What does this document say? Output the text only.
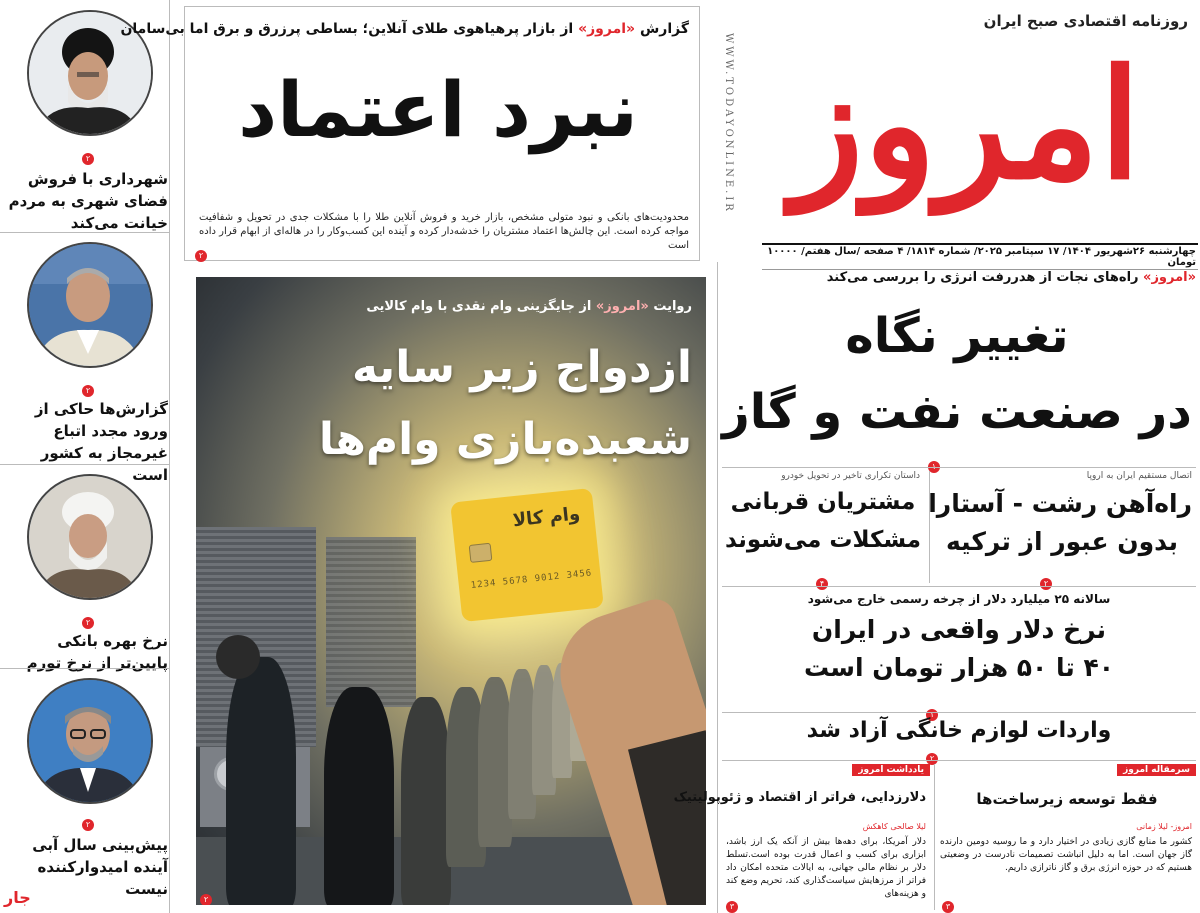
۲
شهرداری با فروش فضای شهری به مردم خیانت می‌کند
۲
گزارش‌ها حاکی از ورود مجدد اتباع غیرمجاز به کشور است
۲
نرخ بهره بانکی پایین‌تر از نرخ تورم
۲
پیش‌بینی سال آبی آینده امیدوارکننده نیست
جار
گزارش «امروز» از بازار پرهیاهوی طلای آنلاین؛ بساطی پرزرق و برق اما بی‌سامان
نبرد اعتماد
محدودیت‌های بانکی و نبود متولی مشخص، بازار خرید و فروش آنلاین طلا را با مشکلات جدی در تحویل و شفافیت مواجه کرده است. این چالش‌ها اعتماد مشتریان را خدشه‌دار کرده و آینده این کسب‌وکار را در هاله‌ای از ابهام قرار داده است
۲
WWW.TODAYONLINE.IR
روزنامه اقتصادی صبح ایران
امروز
چهارشنبه ۲۶شهریور ۱۴۰۴/ ۱۷ سپتامبر ۲۰۲۵/ شماره ۱۸۱۴/ ۴ صفحه /سال هفتم/ ۱۰۰۰۰ تومان
وام کالا
1234 5678 9012 3456
روایت «امروز» از جایگزینی وام نقدی با وام کالایی
ازدواج زیر سایه
شعبده‌بازی وام‌ها
۲
«امروز» راه‌های نجات از هدررفت انرژی را بررسی می‌کند
تغییر نگاه
در صنعت نفت و گاز
۱
اتصال مستقیم ایران به اروپا
راه‌آهن رشت - آستارا
بدون عبور از ترکیه
۲
داستان تکراری تاخیر در تحویل خودرو
مشتریان قربانی
مشکلات می‌شوند
۴
سالانه ۲۵ میلیارد دلار از چرخه رسمی خارج می‌شود
نرخ دلار واقعی در ایران
۴۰ تا ۵۰ هزار تومان است
۱
واردات لوازم خانگی آزاد شد
۲
سرمقاله امروز
فقط توسعه زیرساخت‌ها
امروز- لیلا زمانی
کشور ما منابع گازی زیادی در اختیار دارد و ما روسیه دومین دارنده گاز جهان است. اما به دلیل انباشت تصمیمات نادرست در وضعیتی هستیم که در حوزه انرژی برق و گاز ناترازی داریم.
۳
یادداشت امروز
دلارزدایی، فراتر از اقتصاد و ژئوپولیتیک
لیلا صالحی کاهکش
دلار آمریکا، برای دهه‌ها بیش از آنکه یک ارز باشد، ابزاری برای کسب و اعمال قدرت بوده است.تسلط دلار بر نظام مالی جهانی، به ایالات متحده امکان داد فراتر از مرزهایش سیاست‌گذاری کند، تحریم وضع کند و هزینه‌های
۳
